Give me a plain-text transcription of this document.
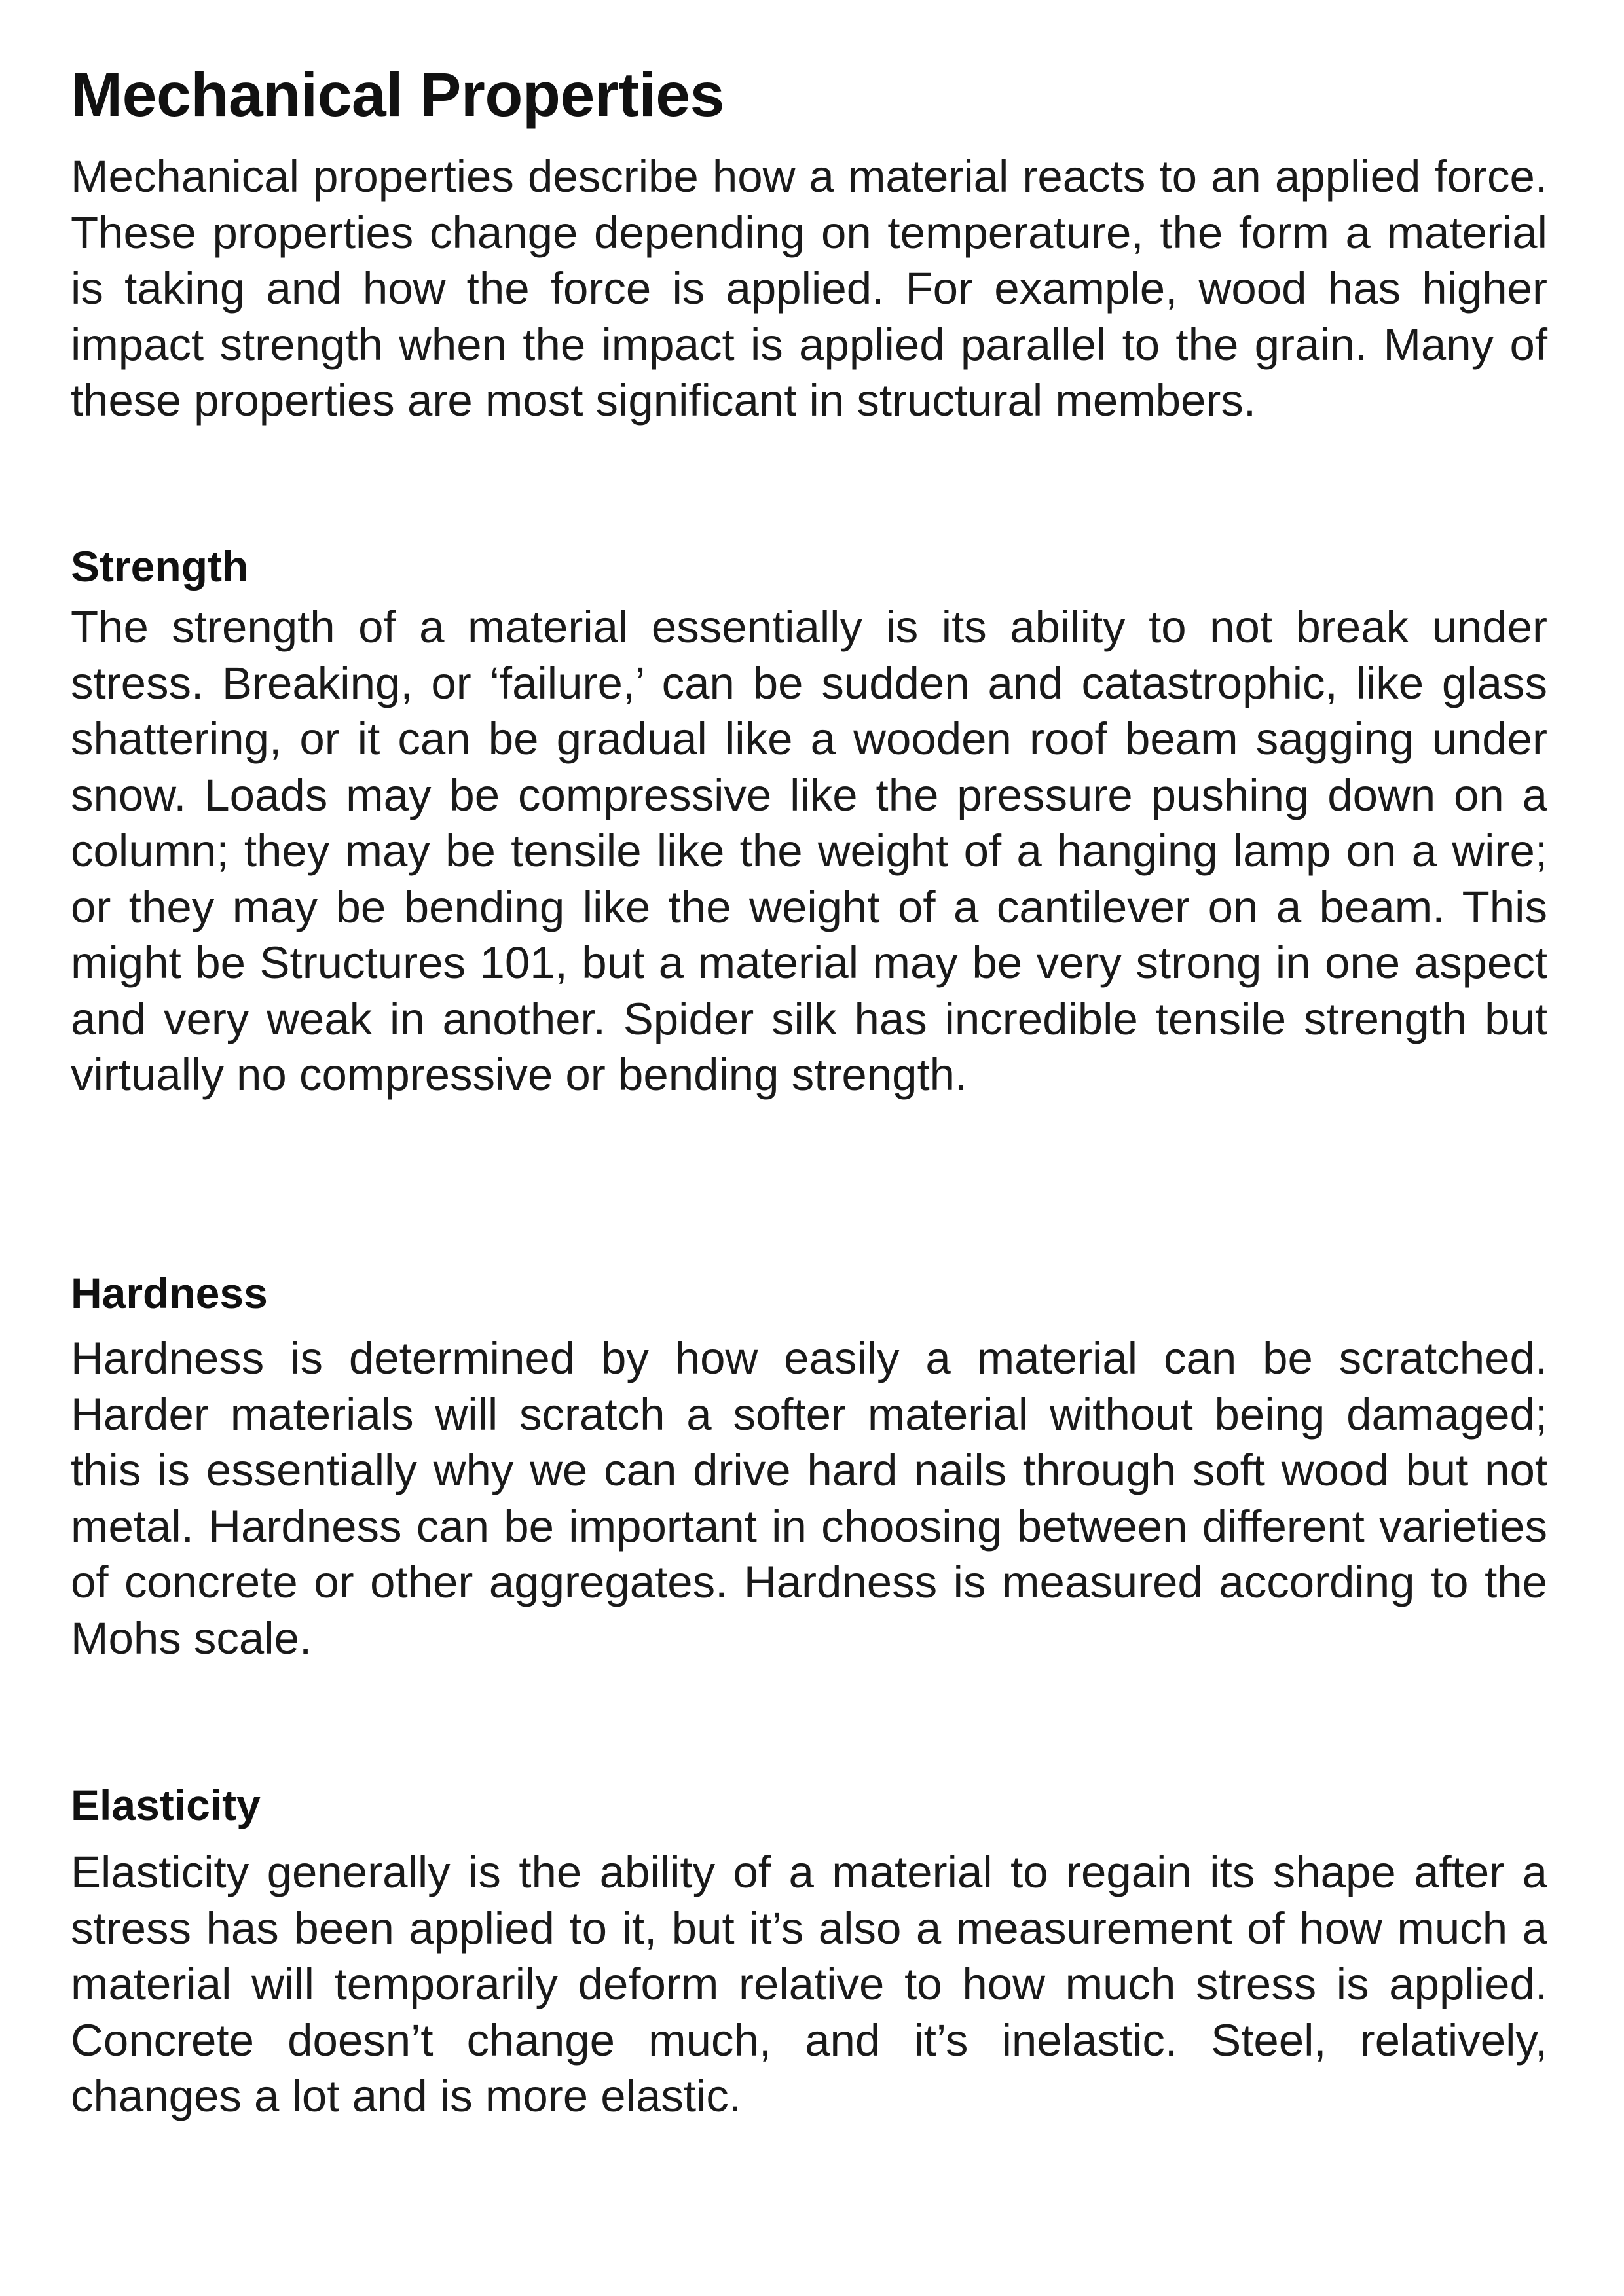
Mechanical Properties

Mechanical properties describe how a material reacts to an applied force. These properties change depending on temperature, the form a material is taking and how the force is applied. For example, wood has higher impact strength when the impact is applied parallel to the grain. Many of these properties are most significant in structural members.

Strength

The strength of a material essentially is its ability to not break under stress. Breaking, or ‘failure,’ can be sudden and catastrophic, like glass shattering, or it can be gradual like a wooden roof beam sagging under snow. Loads may be compressive like the pressure pushing down on a column; they may be tensile like the weight of a hanging lamp on a wire; or they may be bending like the weight of a cantilever on a beam. This might be Structures 101, but a material may be very strong in one aspect and very weak in another. Spider silk has incredible tensile strength but virtually no compressive or bending strength.

Hardness

Hardness is determined by how easily a material can be scratched. Harder materials will scratch a softer material without being damaged; this is essentially why we can drive hard nails through soft wood but not metal. Hardness can be important in choosing between different varieties of concrete or other aggregates. Hardness is measured according to the Mohs scale.

Elasticity

Elasticity generally is the ability of a material to regain its shape after a stress has been applied to it, but it’s also a measurement of how much a material will temporarily deform relative to how much stress is applied. Concrete doesn’t change much, and it’s inelastic. Steel, relatively, changes a lot and is more elastic.
